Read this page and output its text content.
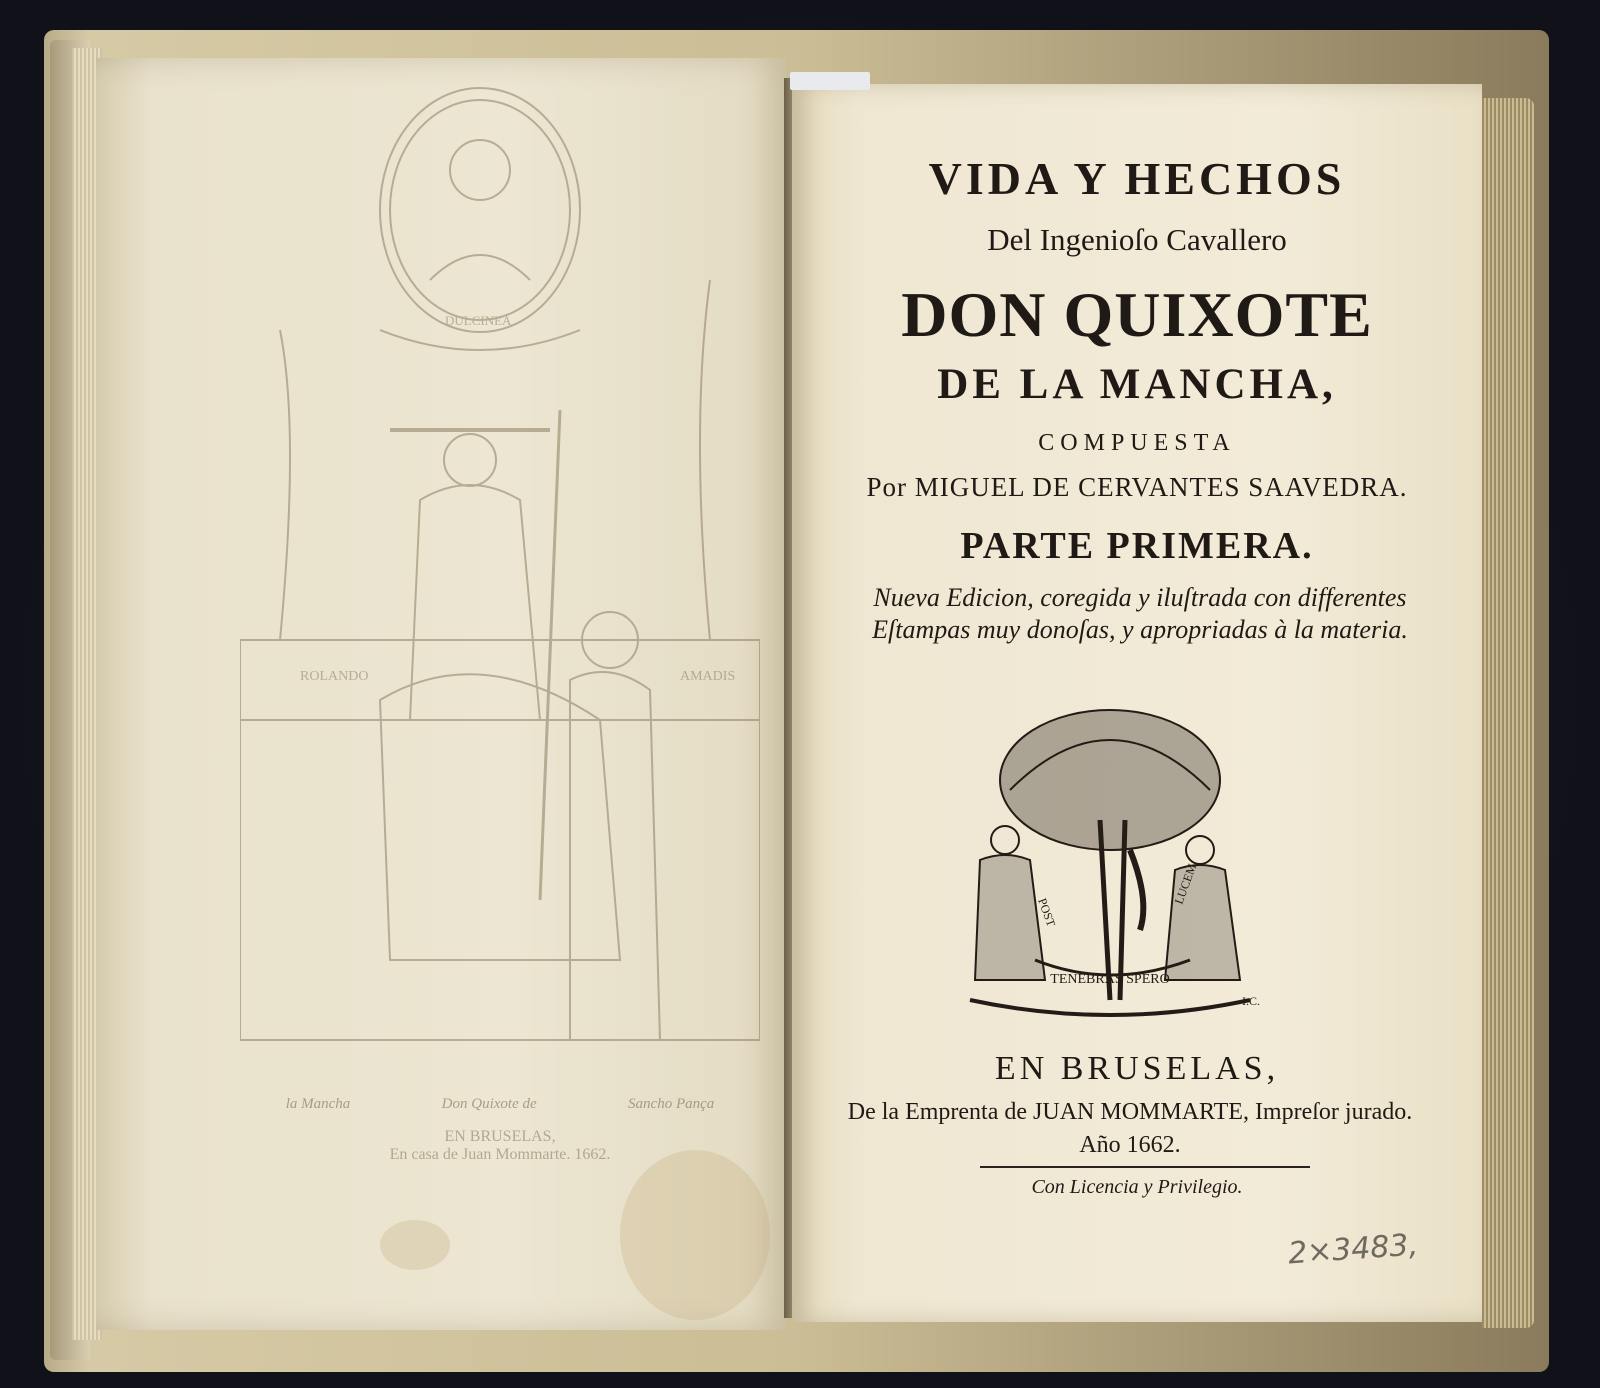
ROLANDO	AMADIS
DULCINEA
la Mancha	Don Quixote de	Sancho Pança
EN BRUSELAS,
En casa de Juan Mommarte. 1662.
VIDA Y HECHOS
Del Ingenioſo Cavallero
DON QUIXOTE
DE LA MANCHA,
COMPUESTA
Por MIGUEL DE CERVANTES SAAVEDRA.
PARTE PRIMERA.
Nueva Edicion, coregida y iluſtrada con differentes Eſtampas muy donoſas, y apropriadas à la materia.
TENEBRAS SPERO
POST
LUCEM
I.C.
EN BRUSELAS,
De la Emprenta de JUAN MOMMARTE, Impreſor jurado. Año 1662.
Con Licencia y Privilegio.
2×3483,
